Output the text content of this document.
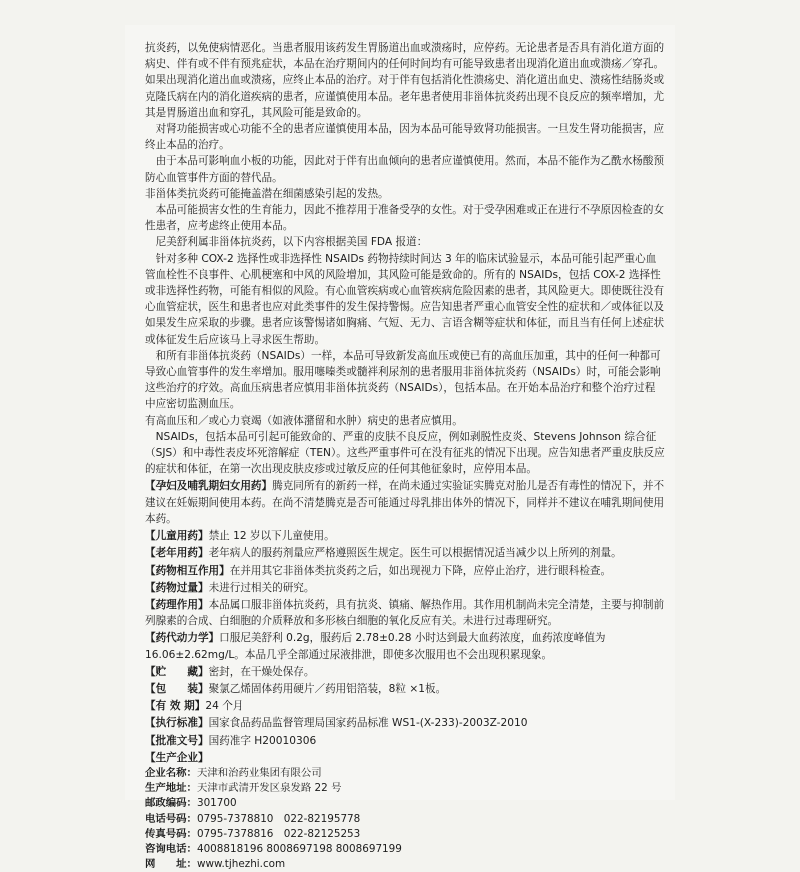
抗炎药，以免使病情恶化。当患者服用该药发生胃肠道出血或溃疡时，应停药。无论患者是否具有消化道方面的病史、伴有或不伴有预兆症状，本品在治疗期间内的任何时间均有可能导致患者出现消化道出血或溃疡／穿孔。如果出现消化道出血或溃疡，应终止本品的治疗。对于伴有包括消化性溃疡史、消化道出血史、溃疡性结肠炎或克隆氏病在内的消化道疾病的患者，应谨慎使用本品。老年患者使用非甾体抗炎药出现不良反应的频率增加，尤其是胃肠道出血和穿孔，其风险可能是致命的。

对肾功能损害或心功能不全的患者应谨慎使用本品，因为本品可能导致肾功能损害。一旦发生肾功能损害，应终止本品的治疗。

由于本品可影响血小板的功能，因此对于伴有出血倾向的患者应谨慎使用。然而，本品不能作为乙酰水杨酸预防心血管事件方面的替代品。

非甾体类抗炎药可能掩盖潜在细菌感染引起的发热。

本品可能损害女性的生育能力，因此不推荐用于准备受孕的女性。对于受孕困难或正在进行不孕原因检查的女性患者，应考虑终止使用本品。

尼美舒利属非甾体抗炎药，以下内容根据美国 FDA 报道：

针对多种 COX-2 选择性或非选择性 NSAIDs 药物持续时间达 3 年的临床试验显示，本品可能引起严重心血管血栓性不良事件、心肌梗塞和中风的风险增加，其风险可能是致命的。所有的 NSAIDs，包括 COX-2 选择性或非选择性药物，可能有相似的风险。有心血管疾病或心血管疾病危险因素的患者，其风险更大。即使既往没有心血管症状，医生和患者也应对此类事件的发生保持警惕。应告知患者严重心血管安全性的症状和／或体征以及如果发生应采取的步骤。患者应该警惕诸如胸痛、气短、无力、言语含糊等症状和体征，而且当有任何上述症状或体征发生后应该马上寻求医生帮助。

和所有非甾体抗炎药（NSAIDs）一样，本品可导致新发高血压或使已有的高血压加重，其中的任何一种都可导致心血管事件的发生率增加。服用噻嗪类或髓袢利尿剂的患者服用非甾体抗炎药（NSAIDs）时，可能会影响这些治疗的疗效。高血压病患者应慎用非甾体抗炎药（NSAIDs），包括本品。在开始本品治疗和整个治疗过程中应密切监测血压。

有高血压和／或心力衰竭（如液体潴留和水肿）病史的患者应慎用。

NSAIDs，包括本品可引起可能致命的、严重的皮肤不良反应，例如剥脱性皮炎、Stevens Johnson 综合征（SJS）和中毒性表皮坏死溶解症（TEN）。这些严重事件可在没有征兆的情况下出现。应告知患者严重皮肤反应的症状和体征，在第一次出现皮肤皮疹或过敏反应的任何其他征象时，应停用本品。

【孕妇及哺乳期妇女用药】腾克同所有的新药一样，在尚未通过实验证实腾克对胎儿是否有毒性的情况下，并不建议在妊娠期间使用本药。在尚不清楚腾克是否可能通过母乳排出体外的情况下，同样并不建议在哺乳期间使用本药。

【儿童用药】禁止 12 岁以下儿童使用。

【老年用药】老年病人的服药剂量应严格遵照医生规定。医生可以根据情况适当减少以上所列的剂量。

【药物相互作用】在并用其它非甾体类抗炎药之后，如出现视力下降，应停止治疗，进行眼科检查。

【药物过量】未进行过相关的研究。

【药理作用】本品属口服非甾体抗炎药，具有抗炎、镇痛、解热作用。其作用机制尚未完全清楚，主要与抑制前列腺素的合成、白细胞的介质释放和多形核白细胞的氧化反应有关。未进行过毒理研究。

【药代动力学】口服尼美舒利 0.2g，服药后 2.78±0.28 小时达到最大血药浓度，血药浓度峰值为 16.06±2.62mg/L。本品几乎全部通过尿液排泄，即使多次服用也不会出现积累现象。

【贮　　藏】密封，在干燥处保存。

【包　　装】聚氯乙烯固体药用硬片／药用铝箔装，8粒 ×1板。

【有 效 期】24 个月

【执行标准】国家食品药品监督管理局国家药品标准 WS1-(X-233)-2003Z-2010

【批准文号】国药准字 H20010306

【生产企业】

企业名称： 天津和治药业集团有限公司
生产地址： 天津市武清开发区泉发路 22 号
邮政编码： 301700
电话号码： 0795-7378810　022-82195778
传真号码： 0795-7378816　022-82125253
咨询电话： 4008818196 8008697198 8008697199
网　　址： www.tjhezhi.com
